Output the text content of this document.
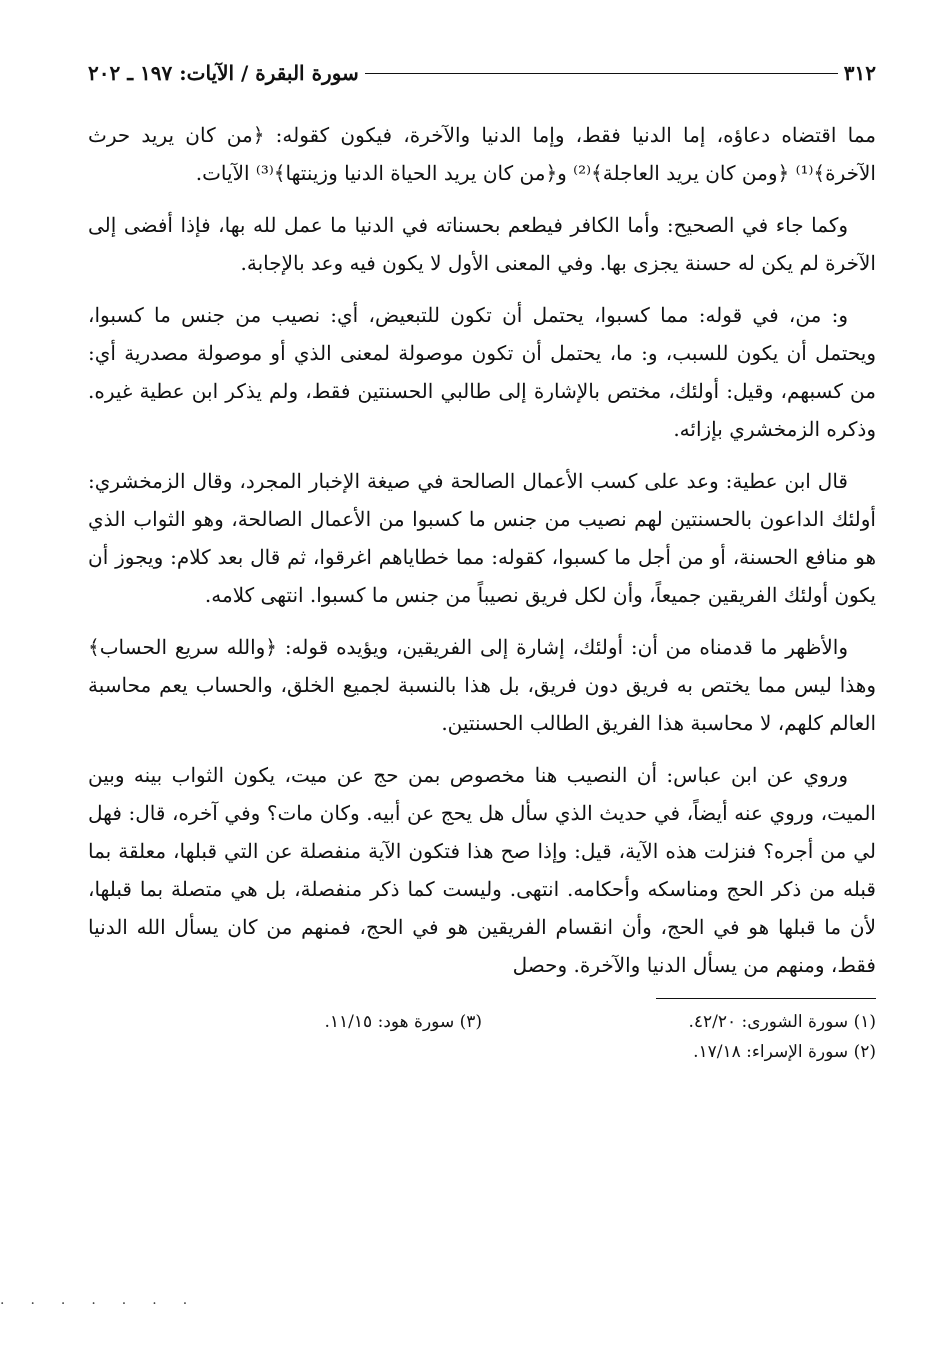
٣١٢
سورة البقرة / الآيات: ١٩٧ ـ ٢٠٢

مما اقتضاه دعاؤه، إما الدنيا فقط، وإما الدنيا والآخرة، فيكون كقوله: ﴿من كان يريد حرث الآخرة﴾⁽¹⁾ ﴿ومن كان يريد العاجلة﴾⁽²⁾ و﴿من كان يريد الحياة الدنيا وزينتها﴾⁽³⁾ الآيات.

وكما جاء في الصحيح: وأما الكافر فيطعم بحسناته في الدنيا ما عمل لله بها، فإذا أفضى إلى الآخرة لم يكن له حسنة يجزى بها. وفي المعنى الأول لا يكون فيه وعد بالإجابة.

و: من، في قوله: مما كسبوا، يحتمل أن تكون للتبعيض، أي: نصيب من جنس ما كسبوا، ويحتمل أن يكون للسبب، و: ما، يحتمل أن تكون موصولة لمعنى الذي أو موصولة مصدرية أي: من كسبهم، وقيل: أولئك، مختص بالإشارة إلى طالبي الحسنتين فقط، ولم يذكر ابن عطية غيره. وذكره الزمخشري بإزائه.

قال ابن عطية: وعد على كسب الأعمال الصالحة في صيغة الإخبار المجرد، وقال الزمخشري: أولئك الداعون بالحسنتين لهم نصيب من جنس ما كسبوا من الأعمال الصالحة، وهو الثواب الذي هو منافع الحسنة، أو من أجل ما كسبوا، كقوله: مما خطاياهم اغرقوا، ثم قال بعد كلام: ويجوز أن يكون أولئك الفريقين جميعاً، وأن لكل فريق نصيباً من جنس ما كسبوا. انتهى كلامه.

والأظهر ما قدمناه من أن: أولئك، إشارة إلى الفريقين، ويؤيده قوله: ﴿والله سريع الحساب﴾ وهذا ليس مما يختص به فريق دون فريق، بل هذا بالنسبة لجميع الخلق، والحساب يعم محاسبة العالم كلهم، لا محاسبة هذا الفريق الطالب الحسنتين.

وروي عن ابن عباس: أن النصيب هنا مخصوص بمن حج عن ميت، يكون الثواب بينه وبين الميت، وروي عنه أيضاً، في حديث الذي سأل هل يحج عن أبيه. وكان مات؟ وفي آخره، قال: فهل لي من أجره؟ فنزلت هذه الآية، قيل: وإذا صح هذا فتكون الآية منفصلة عن التي قبلها، معلقة بما قبله من ذكر الحج ومناسكه وأحكامه. انتهى. وليست كما ذكر منفصلة، بل هي متصلة بما قبلها، لأن ما قبلها هو في الحج، وأن انقسام الفريقين هو في الحج، فمنهم من كان يسأل الله الدنيا فقط، ومنهم من يسأل الدنيا والآخرة. وحصل

(١) سورة الشورى: ٤٢/٢٠.
(٣) سورة هود: ١١/١٥.
(٢) سورة الإسراء: ١٧/١٨.
·······
